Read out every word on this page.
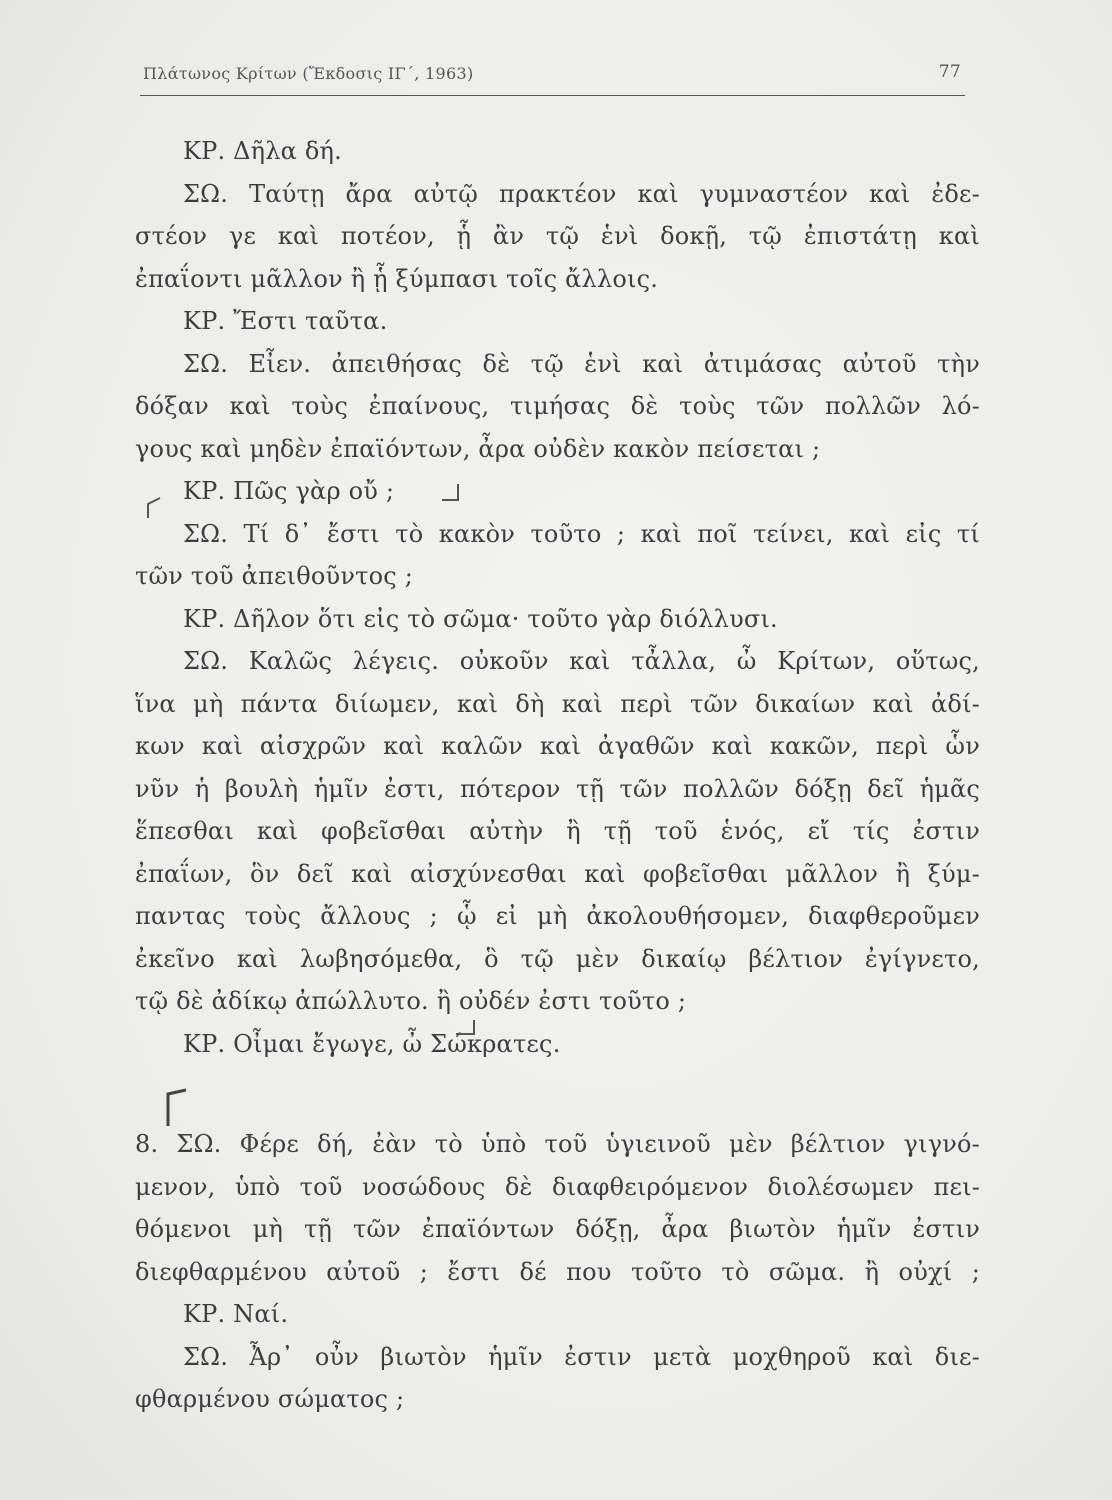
Πλάτωνος Κρίτων (Ἔκδοσις ΙΓ΄, 1963)	77
ΚΡ. Δῆλα δή.
ΣΩ. Ταύτῃ ἄρα αὐτῷ πρακτέον καὶ γυμναστέον καὶ ἐδε-
στέον γε καὶ ποτέον, ᾗ ἂν τῷ ἑνὶ δοκῇ, τῷ ἐπιστάτῃ καὶ
ἐπαΐοντι μᾶλλον ἢ ᾗ ξύμπασι τοῖς ἄλλοις.
ΚΡ. Ἔστι ταῦτα.
ΣΩ. Εἶεν. ἀπειθήσας δὲ τῷ ἑνὶ καὶ ἀτιμάσας αὐτοῦ τὴν
δόξαν καὶ τοὺς ἐπαίνους, τιμήσας δὲ τοὺς τῶν πολλῶν λό-
γους καὶ μηδὲν ἐπαϊόντων, ἆρα οὐδὲν κακὸν πείσεται ;
ΚΡ. Πῶς γὰρ οὔ ;
ΣΩ. Τί δ᾽ ἔστι τὸ κακὸν τοῦτο ; καὶ ποῖ τείνει, καὶ εἰς τί
τῶν τοῦ ἀπειθοῦντος ;
ΚΡ. Δῆλον ὅτι εἰς τὸ σῶμα· τοῦτο γὰρ διόλλυσι.
ΣΩ. Καλῶς λέγεις. οὐκοῦν καὶ τἆλλα, ὦ Κρίτων, οὕτως,
ἵνα μὴ πάντα διίωμεν, καὶ δὴ καὶ περὶ τῶν δικαίων καὶ ἀδί-
κων καὶ αἰσχρῶν καὶ καλῶν καὶ ἀγαθῶν καὶ κακῶν, περὶ ὧν
νῦν ἡ βουλὴ ἡμῖν ἐστι, πότερον τῇ τῶν πολλῶν δόξῃ δεῖ ἡμᾶς
ἕπεσθαι καὶ φοβεῖσθαι αὐτὴν ἢ τῇ τοῦ ἑνός, εἴ τίς ἐστιν
ἐπαΐων, ὃν δεῖ καὶ αἰσχύνεσθαι καὶ φοβεῖσθαι μᾶλλον ἢ ξύμ-
παντας τοὺς ἄλλους ; ᾧ εἰ μὴ ἀκολουθήσομεν, διαφθεροῦμεν
ἐκεῖνο καὶ λωβησόμεθα, ὃ τῷ μὲν δικαίῳ βέλτιον ἐγίγνετο,
τῷ δὲ ἀδίκῳ ἀπώλλυτο. ἢ οὐδέν ἐστι τοῦτο ;
ΚΡ. Οἶμαι ἔγωγε, ὦ Σώκρατες.
8. ΣΩ. Φέρε δή, ἐὰν τὸ ὑπὸ τοῦ ὑγιεινοῦ μὲν βέλτιον γιγνό-
μενον, ὑπὸ τοῦ νοσώδους δὲ διαφθειρόμενον διολέσωμεν πει-
θόμενοι μὴ τῇ τῶν ἐπαϊόντων δόξῃ, ἆρα βιωτὸν ἡμῖν ἐστιν
διεφθαρμένου αὐτοῦ ; ἔστι δέ που τοῦτο τὸ σῶμα. ἢ οὐχί ;
ΚΡ. Ναί.
ΣΩ. Ἆρ᾽ οὖν βιωτὸν ἡμῖν ἐστιν μετὰ μοχθηροῦ καὶ διε-
φθαρμένου σώματος ;
